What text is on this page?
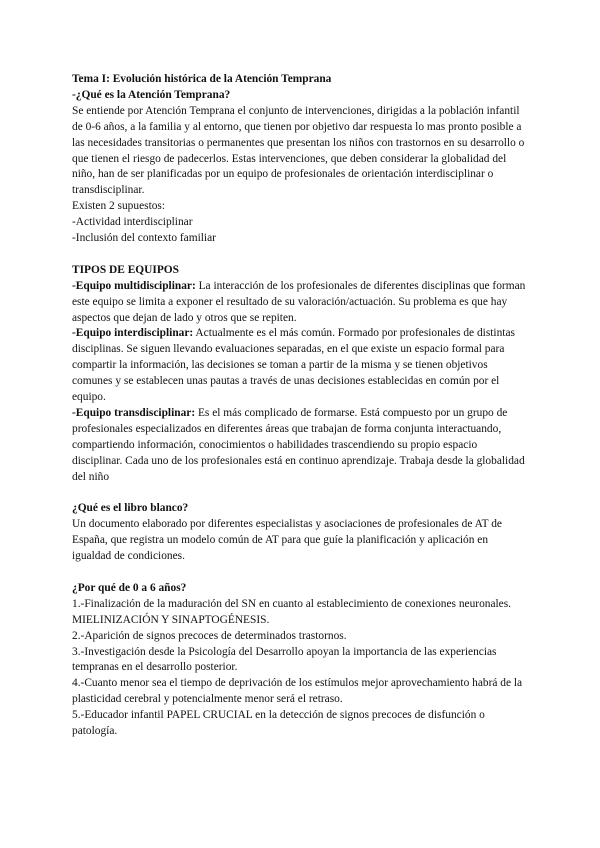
Tema I: Evolución histórica de la Atención Temprana

-¿Qué es la Atención Temprana?

Se entiende por Atención Temprana el conjunto de intervenciones, dirigidas a la población infantil de 0-6 años, a la familia y al entorno, que tienen por objetivo dar respuesta lo mas pronto posible a las necesidades transitorias o permanentes que presentan los niños con trastornos en su desarrollo o que tienen el riesgo de padecerlos. Estas intervenciones, que deben considerar la globalidad del niño, han de ser planificadas por un equipo de profesionales de orientación interdisciplinar o transdisciplinar.

Existen 2 supuestos:

-Actividad interdisciplinar

-Inclusión del contexto familiar

TIPOS DE EQUIPOS

-Equipo multidisciplinar: La interacción de los profesionales de diferentes disciplinas que forman este equipo se limita a exponer el resultado de su valoración/actuación. Su problema es que hay aspectos que dejan de lado y otros que se repiten.

-Equipo interdisciplinar: Actualmente es el más común. Formado por profesionales de distintas disciplinas. Se siguen llevando evaluaciones separadas, en el que existe un espacio formal para compartir la información, las decisiones se toman a partir de la misma y se tienen objetivos comunes y se establecen unas pautas a través de unas decisiones establecidas en común por el equipo.

-Equipo transdisciplinar: Es el más complicado de formarse. Está compuesto por un grupo de profesionales especializados en diferentes áreas que trabajan de forma conjunta interactuando, compartiendo información, conocimientos o habilidades trascendiendo su propio espacio disciplinar. Cada uno de los profesionales está en continuo aprendizaje. Trabaja desde la globalidad del niño

¿Qué es el libro blanco?

Un documento elaborado por diferentes especialistas y asociaciones de profesionales de AT de España, que registra un modelo común de AT para que guíe la planificación y aplicación en igualdad de condiciones.

¿Por qué de 0 a 6 años?

1.-Finalización de la maduración del SN en cuanto al establecimiento de conexiones neuronales. MIELINIZACIÓN Y SINAPTOGÉNESIS.

2.-Aparición de signos precoces de determinados trastornos.

3.-Investigación desde la Psicología del Desarrollo apoyan la importancia de las experiencias tempranas en el desarrollo posterior.

4.-Cuanto menor sea el tiempo de deprivación de los estímulos mejor aprovechamiento habrá de la plasticidad cerebral y potencialmente menor será el retraso.

5.-Educador infantil PAPEL CRUCIAL en la detección de signos precoces de disfunción o patología.
